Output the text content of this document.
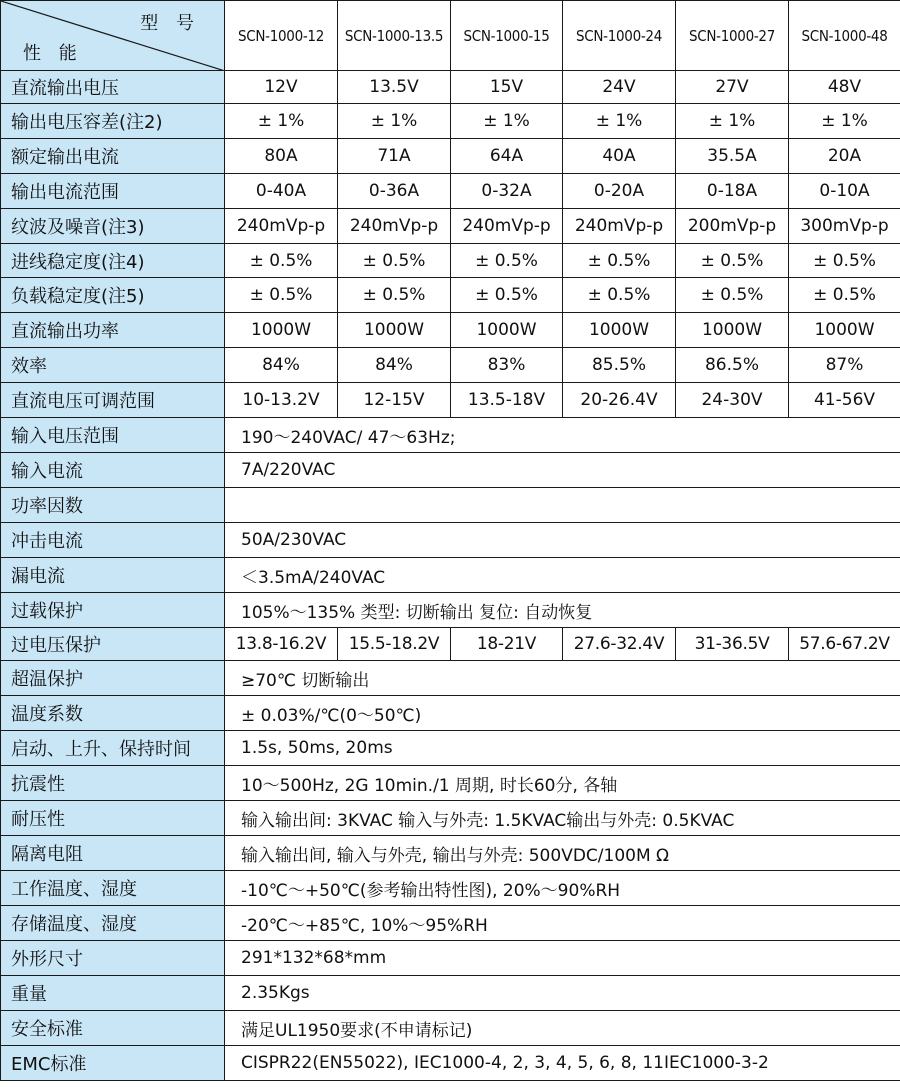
型 号
性 能	SCN-1000-12	SCN-1000-13.5	SCN-1000-15	SCN-1000-24	SCN-1000-27	SCN-1000-48
直流输出电压	12V	13.5V	15V	24V	27V	48V
输出电压容差(注2)	± 1%	± 1%	± 1%	± 1%	± 1%	± 1%
额定输出电流	80A	71A	64A	40A	35.5A	20A
输出电流范围	0-40A	0-36A	0-32A	0-20A	0-18A	0-10A
纹波及噪音(注3)	240mVp-p	240mVp-p	240mVp-p	240mVp-p	200mVp-p	300mVp-p
进线稳定度(注4)	± 0.5%	± 0.5%	± 0.5%	± 0.5%	± 0.5%	± 0.5%
负载稳定度(注5)	± 0.5%	± 0.5%	± 0.5%	± 0.5%	± 0.5%	± 0.5%
直流输出功率	1000W	1000W	1000W	1000W	1000W	1000W
效率	84%	84%	83%	85.5%	86.5%	87%
直流电压可调范围	10-13.2V	12-15V	13.5-18V	20-26.4V	24-30V	41-56V
输入电压范围	190～240VAC/ 47～63Hz;					
输入电流	7A/220VAC					
功率因数						
冲击电流	50A/230VAC					
漏电流	＜3.5mA/240VAC					
过载保护	105%～135% 类型: 切断输出 复位: 自动恢复					
过电压保护	13.8-16.2V	15.5-18.2V	18-21V	27.6-32.4V	31-36.5V	57.6-67.2V
超温保护	≥70℃ 切断输出					
温度系数	± 0.03%/℃(0～50℃)					
启动、上升、保持时间	1.5s, 50ms, 20ms					
抗震性	10～500Hz, 2G 10min./1 周期, 时长60分, 各轴					
耐压性	输入输出间: 3KVAC 输入与外壳: 1.5KVAC输出与外壳: 0.5KVAC					
隔离电阻	输入输出间, 输入与外壳, 输出与外壳: 500VDC/100M Ω					
工作温度、湿度	-10℃～+50℃(参考输出特性图), 20%～90%RH					
存储温度、湿度	-20℃～+85℃, 10%～95%RH					
外形尺寸	291*132*68*mm					
重量	2.35Kgs					
安全标准	满足UL1950要求(不申请标记)					
EMC标准	CISPR22(EN55022), IEC1000-4, 2, 3, 4, 5, 6, 8, 11IEC1000-3-2					
